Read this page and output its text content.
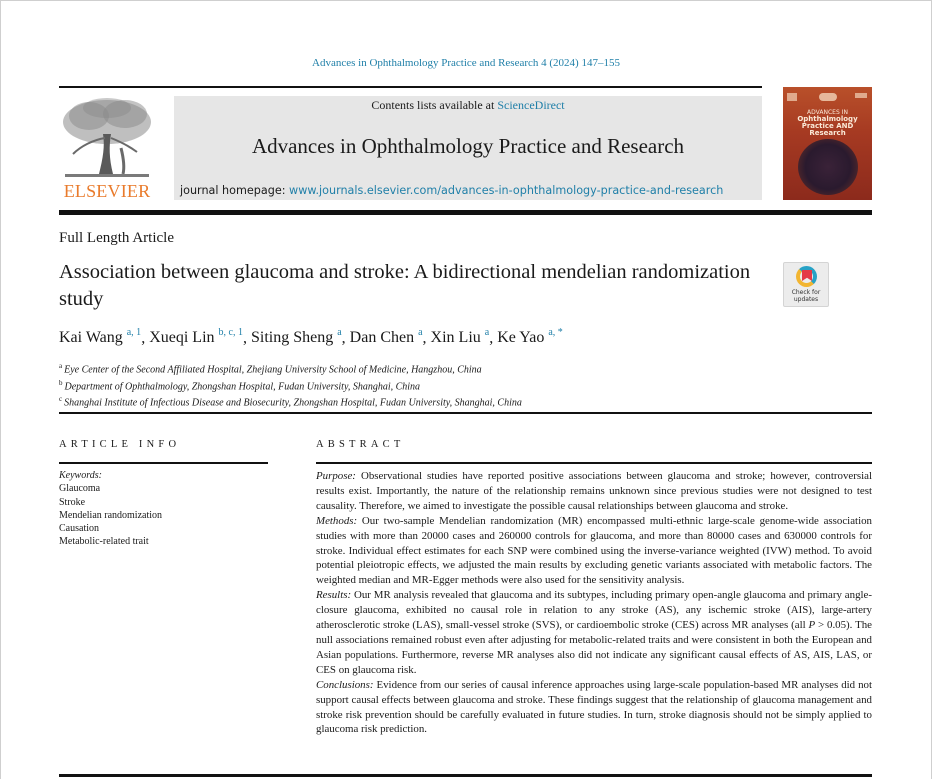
Advances in Ophthalmology Practice and Research 4 (2024) 147–155
ELSEVIER
Contents lists available at ScienceDirect
Advances in Ophthalmology Practice and Research
journal homepage: www.journals.elsevier.com/advances-in-ophthalmology-practice-and-research
ADVANCES IN
Ophthalmology
Practice AND Research
Full Length Article
Association between glaucoma and stroke: A bidirectional mendelian randomization study	Check for
updates
Kai Wang $^{a, 1}$, Xueqi Lin $^{b, c, 1}$, Siting Sheng $^a$, Dan Chen $^a$, Xin Liu $^a$, Ke Yao $^{a, *}$
$^a$ Eye Center of the Second Affiliated Hospital, Zhejiang University School of Medicine, Hangzhou, China
$^b$ Department of Ophthalmology, Zhongshan Hospital, Fudan University, Shanghai, China
$^c$ Shanghai Institute of Infectious Disease and Biosecurity, Zhongshan Hospital, Fudan University, Shanghai, China
ARTICLE INFO
Keywords:
Glaucoma
Stroke
Mendelian randomization
Causation
Metabolic-related trait
ABSTRACT

Purpose: Observational studies have reported positive associations between glaucoma and stroke; however, controversial results exist. Importantly, the nature of the relationship remains unknown since previous studies were not designed to test causality. Therefore, we aimed to investigate the possible causal relationships between glaucoma and stroke.

Methods: Our two-sample Mendelian randomization (MR) encompassed multi-ethnic large-scale genome-wide association studies with more than 20000 cases and 260000 controls for glaucoma, and more than 80000 cases and 630000 controls for stroke. Individual effect estimates for each SNP were combined using the inverse-variance weighted (IVW) method. To avoid potential pleiotropic effects, we adjusted the main results by excluding genetic variants associated with metabolic factors. The weighted median and MR-Egger methods were also used for the sensitivity analysis.

Results: Our MR analysis revealed that glaucoma and its subtypes, including primary open-angle glaucoma and primary angle-closure glaucoma, exhibited no causal role in relation to any stroke (AS), any ischemic stroke (AIS), large-artery atherosclerotic stroke (LAS), small-vessel stroke (SVS), or cardioembolic stroke (CES) across MR analyses (all P > 0.05). The null associations remained robust even after adjusting for metabolic-related traits and were consistent in both the European and Asian populations. Furthermore, reverse MR analyses also did not indicate any significant causal effects of AS, AIS, LAS, or CES on glaucoma risk.

Conclusions: Evidence from our series of causal inference approaches using large-scale population-based MR analyses did not support causal effects between glaucoma and stroke. These findings suggest that the relationship of glaucoma management and stroke risk prevention should be carefully evaluated in future studies. In turn, stroke diagnosis should not be simply applied to glaucoma risk prediction.
